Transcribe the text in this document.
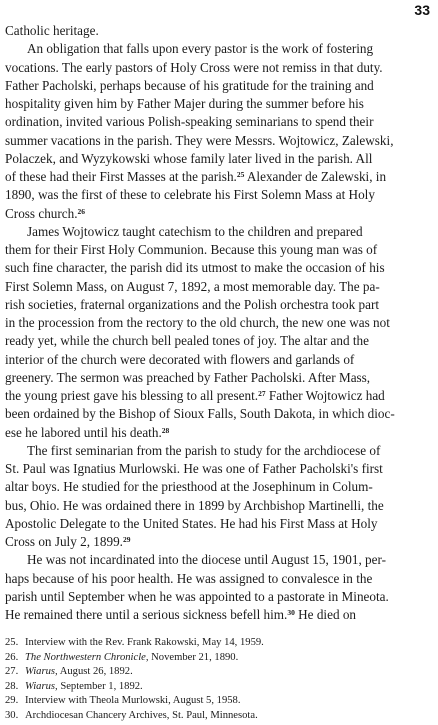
33
Catholic heritage.
An obligation that falls upon every pastor is the work of fostering
vocations. The early pastors of Holy Cross were not remiss in that duty.
Father Pacholski, perhaps because of his gratitude for the training and
hospitality given him by Father Majer during the summer before his
ordination, invited various Polish-speaking seminarians to spend their
summer vacations in the parish. They were Messrs. Wojtowicz, Zalewski,
Polaczek, and Wyzykowski whose family later lived in the parish. All
of these had their First Masses at the parish.$^{25}$ Alexander de Zalewski, in
1890, was the first of these to celebrate his First Solemn Mass at Holy
Cross church.$^{26}$
James Wojtowicz taught catechism to the children and prepared
them for their First Holy Communion. Because this young man was of
such fine character, the parish did its utmost to make the occasion of his
First Solemn Mass, on August 7, 1892, a most memorable day. The pa-
rish societies, fraternal organizations and the Polish orchestra took part
in the procession from the rectory to the old church, the new one was not
ready yet, while the church bell pealed tones of joy. The altar and the
interior of the church were decorated with flowers and garlands of
greenery. The sermon was preached by Father Pacholski. After Mass,
the young priest gave his blessing to all present.$^{27}$ Father Wojtowicz had
been ordained by the Bishop of Sioux Falls, South Dakota, in which dioc-
ese he labored until his death.$^{28}$
The first seminarian from the parish to study for the archdiocese of
St. Paul was Ignatius Murlowski. He was one of Father Pacholski's first
altar boys. He studied for the priesthood at the Josephinum in Colum-
bus, Ohio. He was ordained there in 1899 by Archbishop Martinelli, the
Apostolic Delegate to the United States. He had his First Mass at Holy
Cross on July 2, 1899.29
He was not incardinated into the diocese until August 15, 1901, per-
haps because of his poor health. He was assigned to convalesce in the
parish until September when he was appointed to a pastorate in Mineota.
He remained there until a serious sickness befell him.$^{30}$ He died on
25. Interview with the Rev. Frank Rakowski, May 14, 1959.
26. The Northwestern Chronicle, November 21, 1890.
27. Wiarus, August 26, 1892.
28. Wiarus, September 1, 1892.
29. Interview with Theola Murlowski, August 5, 1958.
30. Archdiocesan Chancery Archives, St. Paul, Minnesota.
